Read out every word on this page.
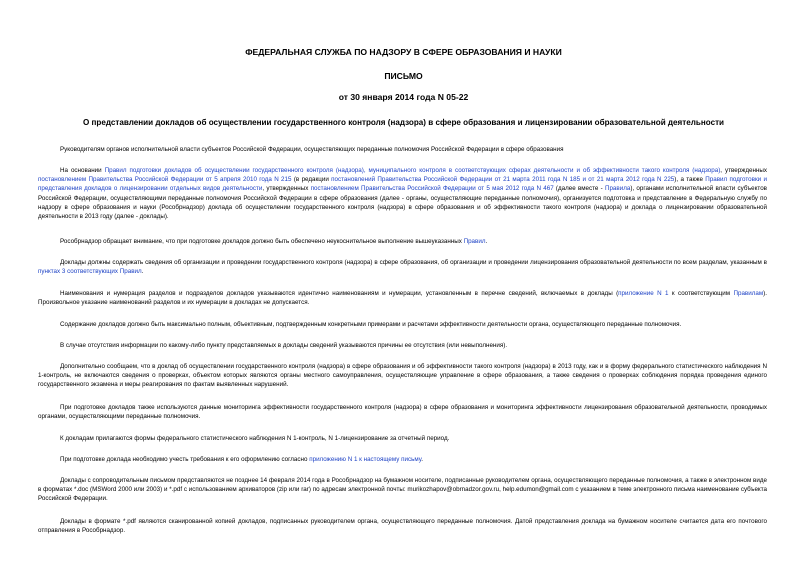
ФЕДЕРАЛЬНАЯ СЛУЖБА ПО НАДЗОРУ В СФЕРЕ ОБРАЗОВАНИЯ И НАУКИ
ПИСЬМО
от 30 января 2014 года N 05-22
О представлении докладов об осуществлении государственного контроля (надзора) в сфере образования и лицензировании образовательной деятельности

Руководителям органов исполнительной власти субъектов Российской Федерации, осуществляющих переданные полномочия Российской Федерации в сфере образования

На основании Правил подготовки докладов об осуществлении государственного контроля (надзора), муниципального контроля в соответствующих сферах деятельности и об эффективности такого контроля (надзора), утвержденных постановлением Правительства Российской Федерации от 5 апреля 2010 года N 215 (в редакции постановлений Правительства Российской Федерации от 21 марта 2011 года N 185 и от 21 марта 2012 года N 225), а также Правил подготовки и представления докладов о лицензировании отдельных видов деятельности, утвержденных постановлением Правительства Российской Федерации от 5 мая 2012 года N 467 (далее вместе - Правила), органами исполнительной власти субъектов Российской Федерации, осуществляющими переданные полномочия Российской Федерации в сфере образования (далее - органы, осуществляющие переданные полномочия), организуется подготовка и представление в Федеральную службу по надзору в сфере образования и науки (Рособрнадзор) доклада об осуществлении государственного контроля (надзора) в сфере образования и об эффективности такого контроля (надзора) и доклада о лицензировании образовательной деятельности в 2013 году (далее - доклады).

Рособрнадзор обращает внимание, что при подготовке докладов должно быть обеспечено неукоснительное выполнение вышеуказанных Правил.

Доклады должны содержать сведения об организации и проведении государственного контроля (надзора) в сфере образования, об организации и проведении лицензирования образовательной деятельности по всем разделам, указанным в пунктах 3 соответствующих Правил.

Наименования и нумерация разделов и подразделов докладов указываются идентично наименованиям и нумерации, установленным в перечне сведений, включаемых в доклады (приложение N 1 к соответствующим Правилам). Произвольное указание наименований разделов и их нумерации в докладах не допускается.

Содержание докладов должно быть максимально полным, объективным, подтвержденным конкретными примерами и расчетами эффективности деятельности органа, осуществляющего переданные полномочия.

В случае отсутствия информации по какому-либо пункту представляемых в доклады сведений указываются причины ее отсутствия (или невыполнения).

Дополнительно сообщаем, что в доклад об осуществлении государственного контроля (надзора) в сфере образования и об эффективности такого контроля (надзора) в 2013 году, как и в форму федерального статистического наблюдения N 1-контроль, не включаются сведения о проверках, объектом которых являются органы местного самоуправления, осуществляющие управление в сфере образования, а также сведения о проверках соблюдения порядка проведения единого государственного экзамена и меры реагирования по фактам выявленных нарушений.

При подготовке докладов также используются данные мониторинга эффективности государственного контроля (надзора) в сфере образования и мониторинга эффективности лицензирования образовательной деятельности, проводимых органами, осуществляющими переданные полномочия.

К докладам прилагаются формы федерального статистического наблюдения N 1-контроль, N 1-лицензирование за отчетный период.

При подготовке доклада необходимо учесть требования к его оформлению согласно приложению N 1 к настоящему письму.

Доклады с сопроводительным письмом представляются не позднее 14 февраля 2014 года в Рособрнадзор на бумажном носителе, подписанные руководителем органа, осуществляющего переданные полномочия, а также в электронном виде в форматах *.doc (MSWord 2000 или 2003) и *.pdf с использованием архиваторов (zip или rar) по адресам электронной почты: murikozhapov@obrnadzor.gov.ru, help.edumon@gmail.com с указанием в теме электронного письма наименование субъекта Российской Федерации.

Доклады в формате *.pdf являются сканированной копией докладов, подписанных руководителем органа, осуществляющего переданные полномочия. Датой представления доклада на бумажном носителе считается дата его почтового отправления в Рособрнадзор.
